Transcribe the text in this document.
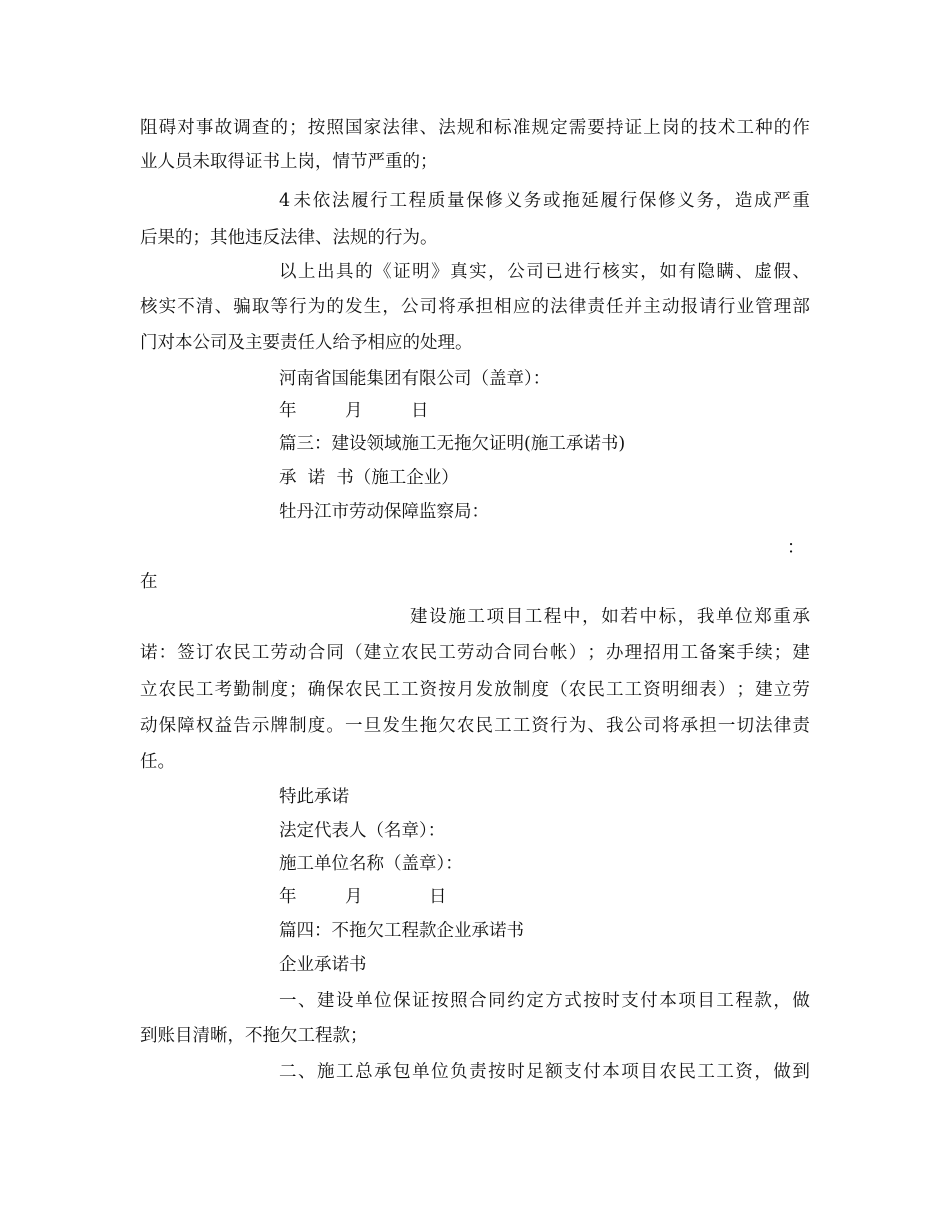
阻 碍 对 事 故 调 查 的 ； 按 照 国 家 法 律 、 法 规 和 标 准 规 定 需 要 持 证 上 岗 的 技 术 工 种 的 作
业人员未取得证书上岗，情节严重的；
4 未 依 法 履 行 工 程 质 量 保 修 义 务 或 拖 延 履 行 保 修 义 务 ， 造 成 严 重
后果的；其他违反法律、法规的行为。
以 上 出 具 的 《 证 明 》 真 实 ， 公 司 已 进 行 核 实 ， 如 有 隐 瞒 、 虚 假 、
核 实 不 清 、 骗 取 等 行 为 的 发 生 ， 公 司 将 承 担 相 应 的 法 律 责 任 并 主 动 报 请 行 业 管 理 部
门对本公司及主要责任人给予相应的处理。
河南省国能集团有限公司（盖章）：
年	月	日
篇三：建设领域施工无拖欠证明(施工承诺书)
承  诺  书（施工企业）
牡丹江市劳动保障监察局：
：
在
建 设 施 工 项 目 工 程 中 ， 如 若 中 标 ， 我 单 位 郑 重 承
诺 ： 签 订 农 民 工 劳 动 合 同 （ 建 立 农 民 工 劳 动 合 同 台 帐 ） ； 办 理 招 用 工 备 案 手 续 ； 建
立 农 民 工 考 勤 制 度 ； 确 保 农 民 工 工 资 按 月 发 放 制 度 （ 农 民 工 工 资 明 细 表 ） ； 建 立 劳
动 保 障 权 益 告 示 牌 制 度 。 一 旦 发 生 拖 欠 农 民 工 工 资 行 为 、 我 公 司 将 承 担 一 切 法 律 责
任。
特此承诺
法定代表人（名章）：
施工单位名称（盖章）：
年	月	日
篇四：不拖欠工程款企业承诺书
企业承诺书
一 、 建 设 单 位 保 证 按 照 合 同 约 定 方 式 按 时 支 付 本 项 目 工 程 款 ， 做
到账目清晰，不拖欠工程款；
二 、 施 工 总 承 包 单 位 负 责 按 时 足 额 支 付 本 项 目 农 民 工 工 资 ， 做 到
